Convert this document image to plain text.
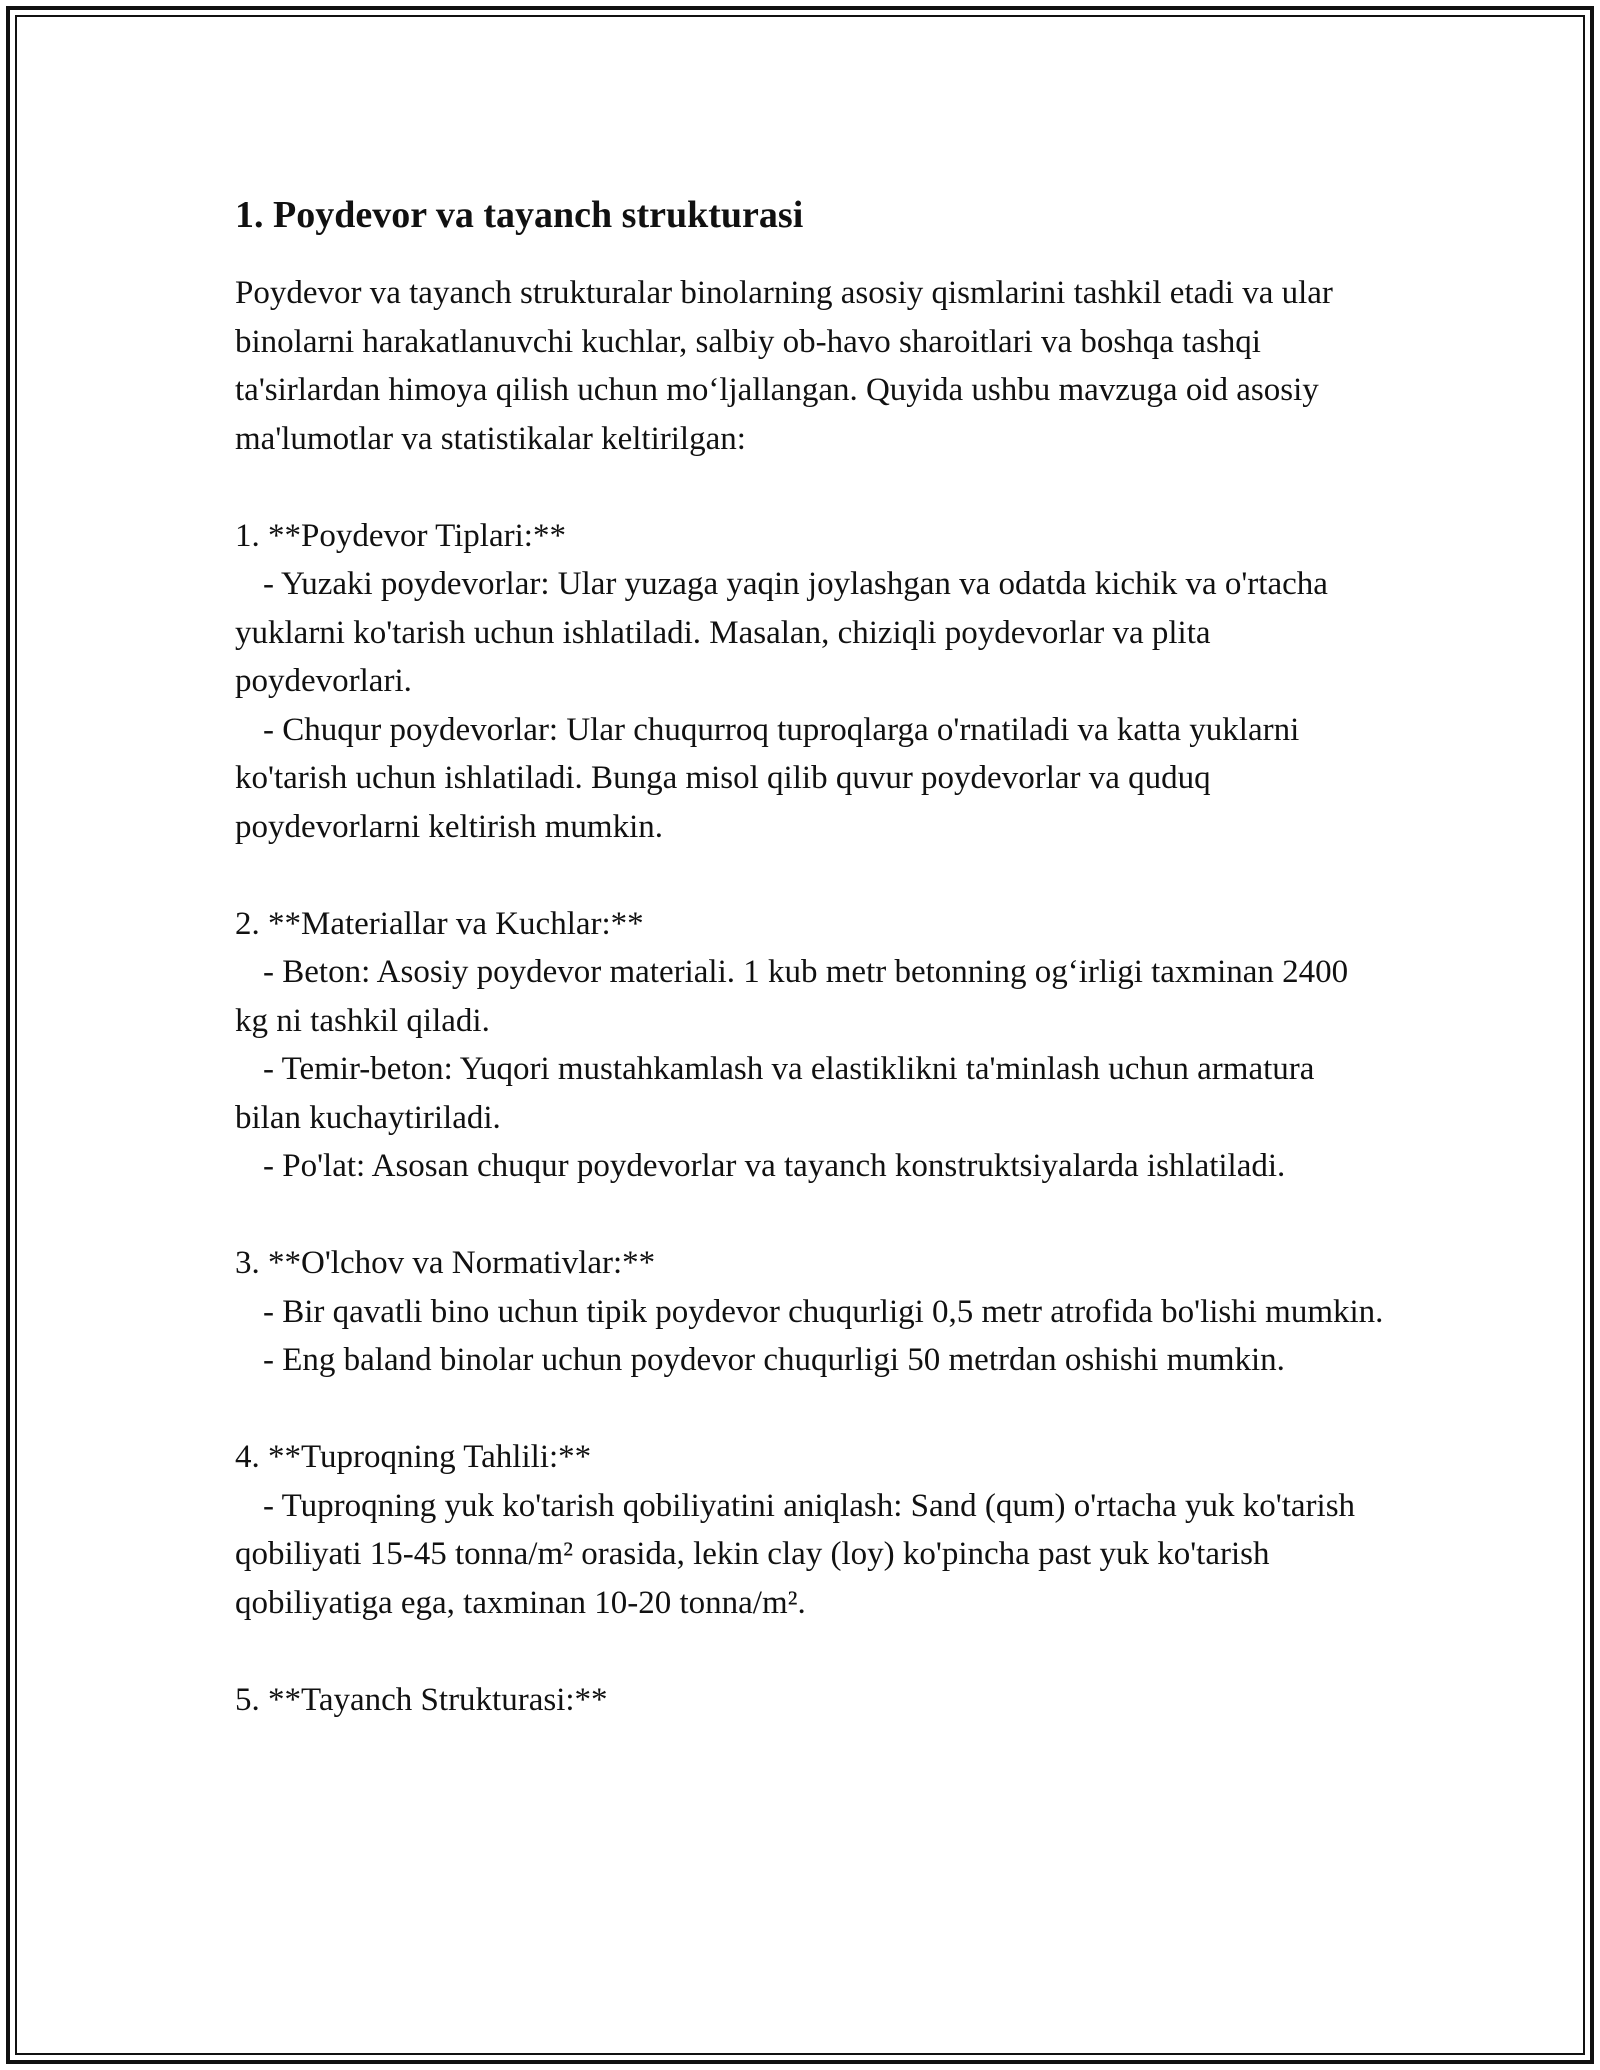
1. Poydevor va tayanch strukturasi

Poydevor va tayanch strukturalar binolarning asosiy qismlarini tashkil etadi va ular binolarni harakatlanuvchi kuchlar, salbiy ob-havo sharoitlari va boshqa tashqi ta'sirlardan himoya qilish uchun mo‘ljallangan. Quyida ushbu mavzuga oid asosiy ma'lumotlar va statistikalar keltirilgan:

1. **Poydevor Tiplari:**

- Yuzaki poydevorlar: Ular yuzaga yaqin joylashgan va odatda kichik va o'rtacha yuklarni ko'tarish uchun ishlatiladi. Masalan, chiziqli poydevorlar va plita poydevorlari.

- Chuqur poydevorlar: Ular chuqurroq tuproqlarga o'rnatiladi va katta yuklarni ko'tarish uchun ishlatiladi. Bunga misol qilib quvur poydevorlar va quduq poydevorlarni keltirish mumkin.

2. **Materiallar va Kuchlar:**

- Beton: Asosiy poydevor materiali. 1 kub metr betonning og‘irligi taxminan 2400 kg ni tashkil qiladi.

- Temir-beton: Yuqori mustahkamlash va elastiklikni ta'minlash uchun armatura bilan kuchaytiriladi.

- Po'lat: Asosan chuqur poydevorlar va tayanch konstruktsiyalarda ishlatiladi.

3. **O'lchov va Normativlar:**

- Bir qavatli bino uchun tipik poydevor chuqurligi 0,5 metr atrofida bo'lishi mumkin.

- Eng baland binolar uchun poydevor chuqurligi 50 metrdan oshishi mumkin.

4. **Tuproqning Tahlili:**

- Tuproqning yuk ko'tarish qobiliyatini aniqlash: Sand (qum) o'rtacha yuk ko'tarish qobiliyati 15-45 tonna/m² orasida, lekin clay (loy) ko'pincha past yuk ko'tarish qobiliyatiga ega, taxminan 10-20 tonna/m².

5. **Tayanch Strukturasi:**
